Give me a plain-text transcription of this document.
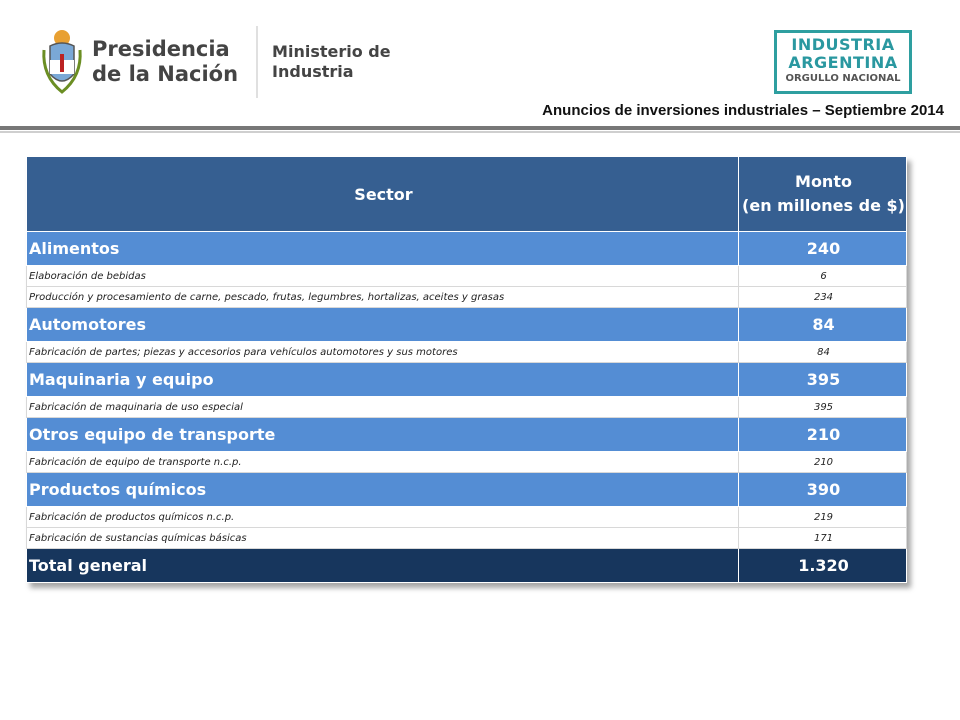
Presidencia
de la Nación
Ministerio de
Industria
INDUSTRIA
ARGENTINA
ORGULLO NACIONAL
Anuncios de inversiones industriales – Septiembre 2014
Sector	Monto
(en millones de $)

Alimentos	240
Elaboración de bebidas	6
Producción y procesamiento de carne, pescado, frutas, legumbres, hortalizas, aceites y grasas	234
Automotores	84
Fabricación de partes; piezas y accesorios para vehículos automotores y sus motores	84
Maquinaria y equipo	395
Fabricación de maquinaria de uso especial	395
Otros equipo de transporte	210
Fabricación de equipo de transporte n.c.p.	210
Productos químicos	390
Fabricación de productos químicos n.c.p.	219
Fabricación de sustancias químicas básicas	171
Total general	1.320
